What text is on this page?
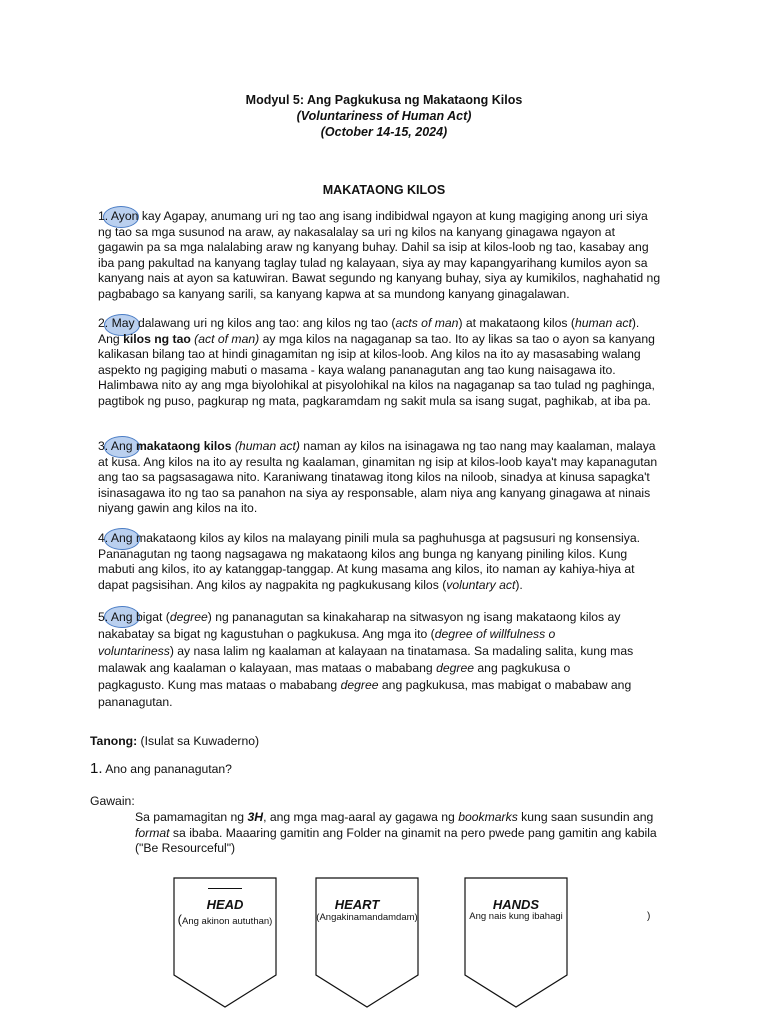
Modyul 5: Ang Pagkukusa ng Makataong Kilos
(Voluntariness of Human Act)
(October 14-15, 2024)
MAKATAONG KILOS
1. Ayon kay Agapay, anumang uri ng tao ang isang indibidwal ngayon at kung magiging anong uri siya
ng tao sa mga susunod na araw, ay nakasalalay sa uri ng kilos na kanyang ginagawa ngayon at
gagawin pa sa mga nalalabing araw ng kanyang buhay. Dahil sa isip at kilos-loob ng tao, kasabay ang
iba pang pakultad na kanyang taglay tulad ng kalayaan, siya ay may kapangyarihang kumilos ayon sa
kanyang nais at ayon sa katuwiran. Bawat segundo ng kanyang buhay, siya ay kumikilos, naghahatid ng
pagbabago sa kanyang sarili, sa kanyang kapwa at sa mundong kanyang ginagalawan.
2. May dalawang uri ng kilos ang tao: ang kilos ng tao (acts of man) at makataong kilos (human act).
Ang kilos ng tao (act of man) ay mga kilos na nagaganap sa tao. Ito ay likas sa tao o ayon sa kanyang
kalikasan bilang tao at hindi ginagamitan ng isip at kilos-loob. Ang kilos na ito ay masasabing walang
aspekto ng pagiging mabuti o masama - kaya walang pananagutan ang tao kung naisagawa ito.
Halimbawa nito ay ang mga biyolohikal at pisyolohikal na kilos na nagaganap sa tao tulad ng paghinga,
pagtibok ng puso, pagkurap ng mata, pagkaramdam ng sakit mula sa isang sugat, paghikab, at iba pa.
3. Ang makataong kilos (human act) naman ay kilos na isinagawa ng tao nang may kaalaman, malaya
at kusa. Ang kilos na ito ay resulta ng kaalaman, ginamitan ng isip at kilos-loob kaya't may kapanagutan
ang tao sa pagsasagawa nito. Karaniwang tinatawag itong kilos na niloob, sinadya at kinusa sapagka't
isinasagawa ito ng tao sa panahon na siya ay responsable, alam niya ang kanyang ginagawa at ninais
niyang gawin ang kilos na ito.
4. Ang makataong kilos ay kilos na malayang pinili mula sa paghuhusga at pagsusuri ng konsensiya.
Pananagutan ng taong nagsagawa ng makataong kilos ang bunga ng kanyang piniling kilos. Kung
mabuti ang kilos, ito ay katanggap-tanggap. At kung masama ang kilos, ito naman ay kahiya-hiya at
dapat pagsisihan. Ang kilos ay nagpakita ng pagkukusang kilos (voluntary act).
5. Ang bigat (degree) ng pananagutan sa kinakaharap na sitwasyon ng isang makataong kilos ay
nakabatay sa bigat ng kagustuhan o pagkukusa. Ang mga ito (degree of willfulness o
voluntariness) ay nasa lalim ng kaalaman at kalayaan na tinatamasa. Sa madaling salita, kung mas
malawak ang kaalaman o kalayaan, mas mataas o mababang degree ang pagkukusa o
pagkagusto. Kung mas mataas o mababang degree ang pagkukusa, mas mabigat o mababaw ang
pananagutan.
Tanong: (Isulat sa Kuwaderno)
1. Ano ang pananagutan?
Gawain:
Sa pamamagitan ng 3H, ang mga mag-aaral ay gagawa ng bookmarks kung saan susundin ang
format sa ibaba. Maaaring gamitin ang Folder na ginamit na pero pwede pang gamitin ang kabila
("Be Resourceful")
HEAD
(Ang akinon aututhan)
HEART
(Angakinamandamdam)
HANDS
Ang nais kung ibahagi	)
